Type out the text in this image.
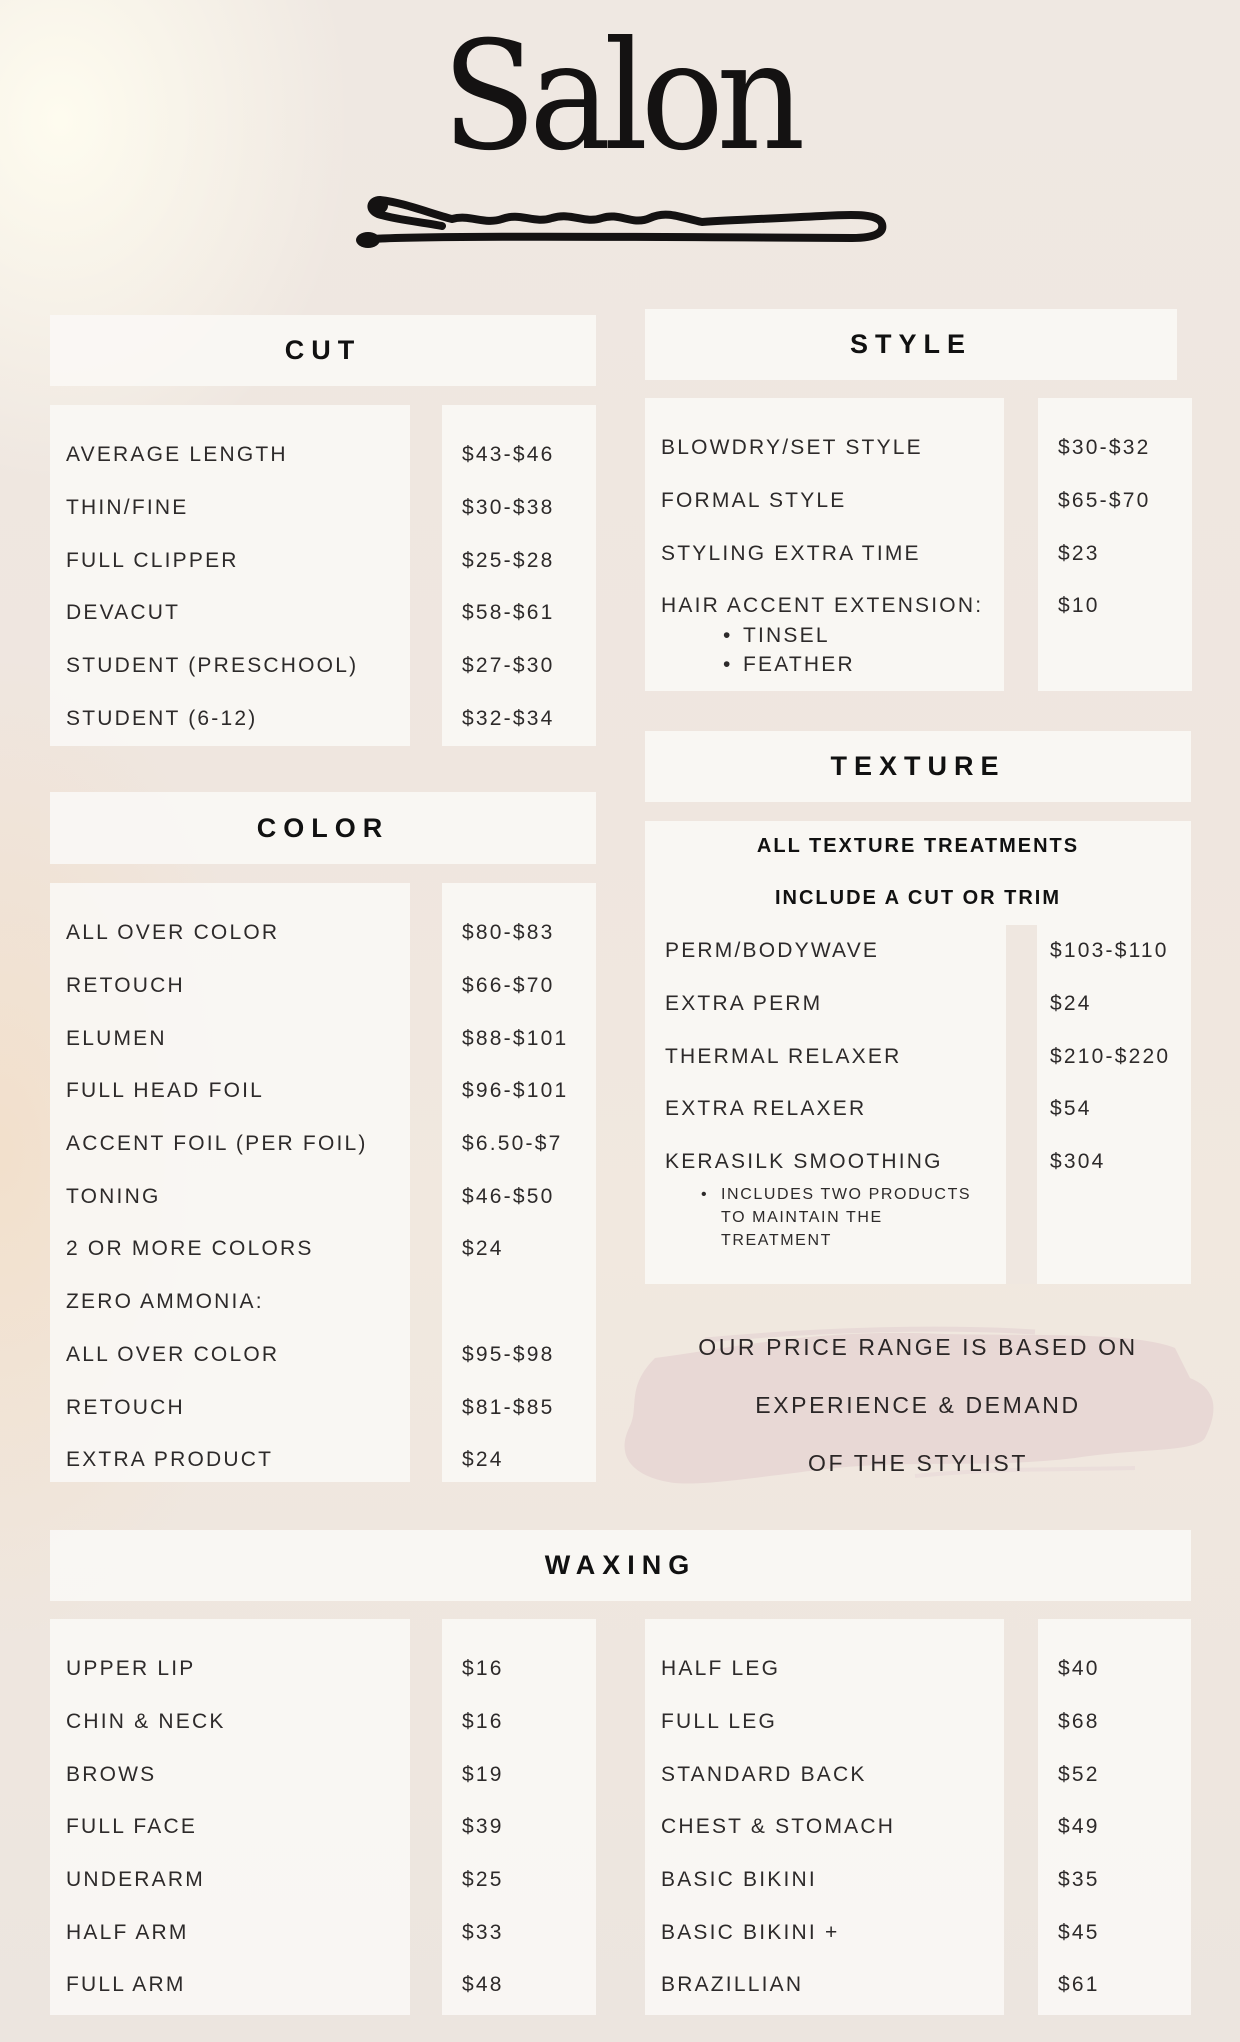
Salon
CUT
AVERAGE LENGTH
THIN/FINE
FULL CLIPPER
DEVACUT
STUDENT (PRESCHOOL)
STUDENT (6-12)
$43-$46
$30-$38
$25-$28
$58-$61
$27-$30
$32-$34
STYLE
BLOWDRY/SET STYLE
FORMAL STYLE
STYLING EXTRA TIME
HAIR ACCENT EXTENSION:
• TINSEL
• FEATHER
$30-$32
$65-$70
$23
$10
COLOR
ALL OVER COLOR
RETOUCH
ELUMEN
FULL HEAD FOIL
ACCENT FOIL (PER FOIL)
TONING
2 OR MORE COLORS
ZERO AMMONIA:
ALL OVER COLOR
RETOUCH
EXTRA PRODUCT
$80-$83
$66-$70
$88-$101
$96-$101
$6.50-$7
$46-$50
$24
$95-$98
$81-$85
$24
TEXTURE
ALL TEXTURE TREATMENTS
INCLUDE A CUT OR TRIM
PERM/BODYWAVE
EXTRA PERM
THERMAL RELAXER
EXTRA RELAXER
KERASILK SMOOTHING
• INCLUDES TWO PRODUCTS TO MAINTAIN THE TREATMENT
$103-$110
$24
$210-$220
$54
$304
OUR PRICE RANGE IS BASED ON
EXPERIENCE & DEMAND
OF THE STYLIST
WAXING
UPPER LIP
CHIN & NECK
BROWS
FULL FACE
UNDERARM
HALF ARM
FULL ARM
$16
$16
$19
$39
$25
$33
$48
HALF LEG
FULL LEG
STANDARD BACK
CHEST & STOMACH
BASIC BIKINI
BASIC BIKINI +
BRAZILLIAN
$40
$68
$52
$49
$35
$45
$61
